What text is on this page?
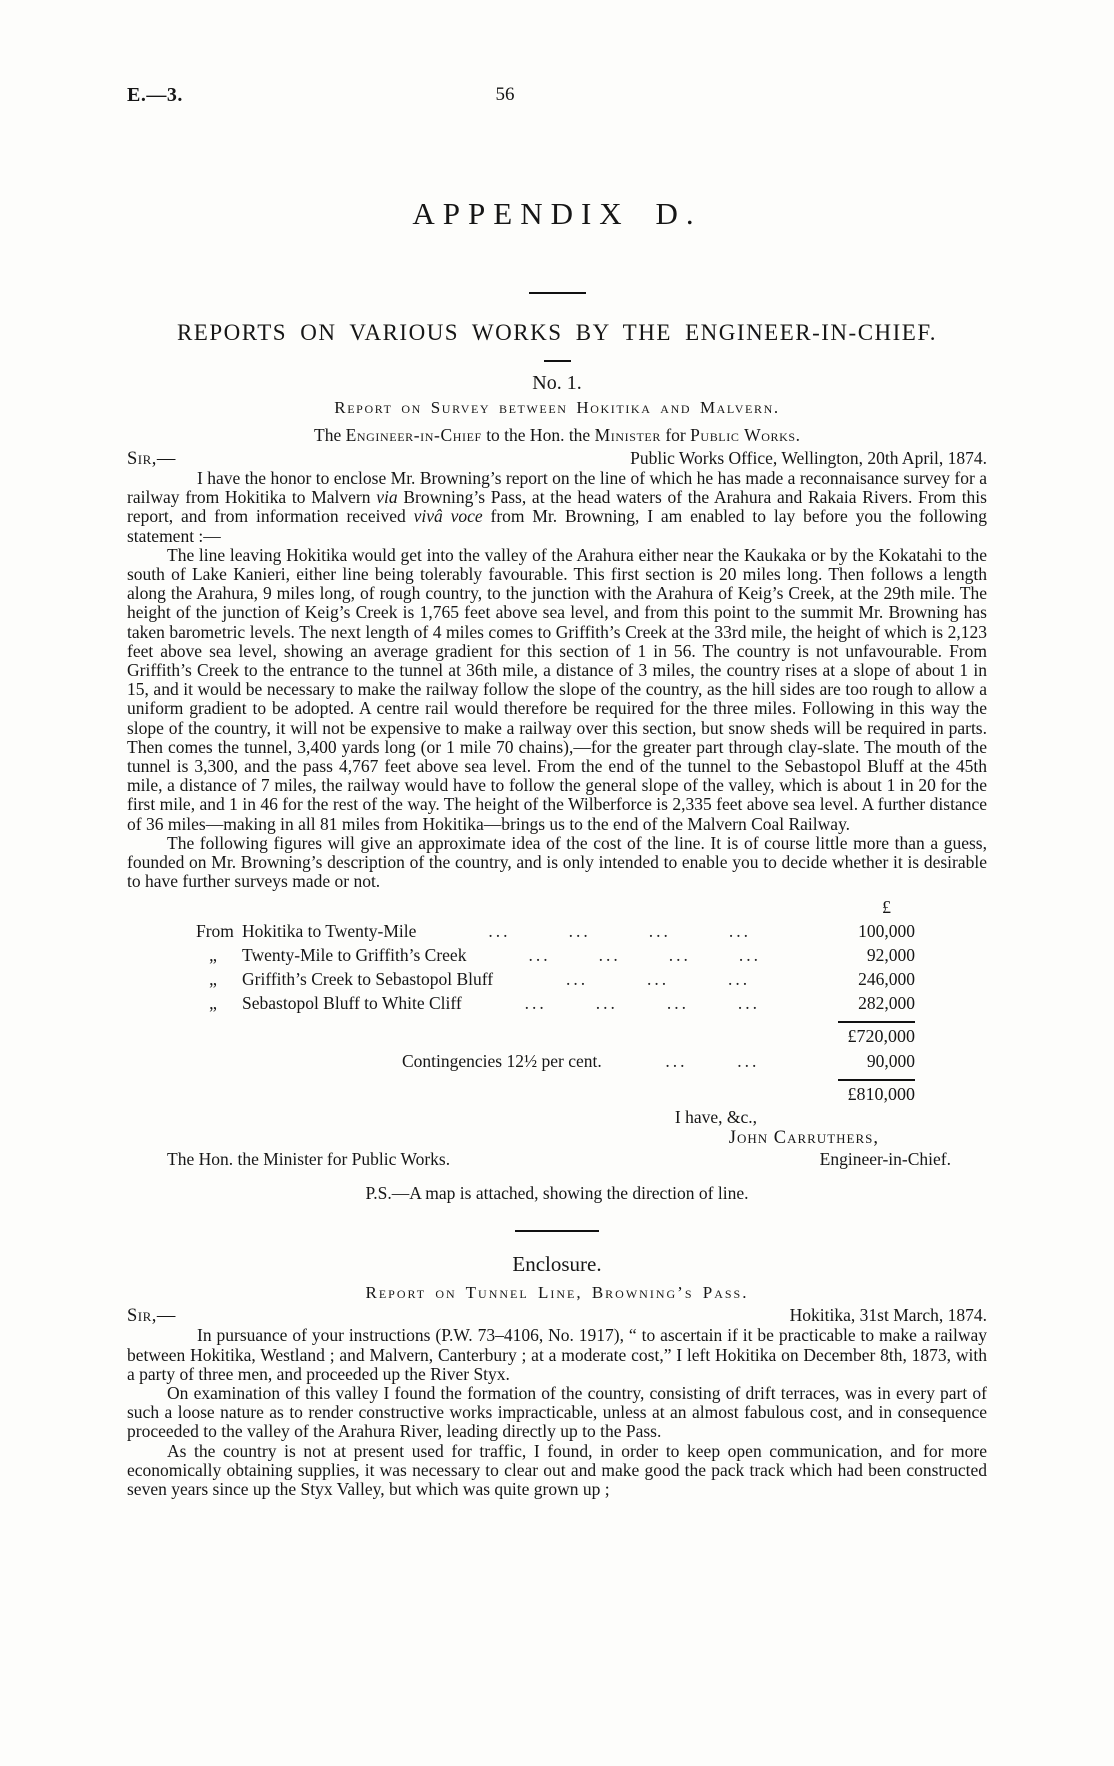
E.—3.	56
APPENDIX D.
REPORTS ON VARIOUS WORKS BY THE ENGINEER-IN-CHIEF.
No. 1.
Report on Survey between Hokitika and Malvern.
The Engineer-in-Chief to the Hon. the Minister for Public Works.
Sir,—	Public Works Office, Wellington, 20th April, 1874.

I have the honor to enclose Mr. Browning’s report on the line of which he has made a reconnaisance survey for a railway from Hokitika to Malvern via Browning’s Pass, at the head waters of the Arahura and Rakaia Rivers. From this report, and from information received vivâ voce from Mr. Browning, I am enabled to lay before you the following statement :—

The line leaving Hokitika would get into the valley of the Arahura either near the Kaukaka or by the Kokatahi to the south of Lake Kanieri, either line being tolerably favourable. This first section is 20 miles long. Then follows a length along the Arahura, 9 miles long, of rough country, to the junction with the Arahura of Keig’s Creek, at the 29th mile. The height of the junction of Keig’s Creek is 1,765 feet above sea level, and from this point to the summit Mr. Browning has taken barometric levels. The next length of 4 miles comes to Griffith’s Creek at the 33rd mile, the height of which is 2,123 feet above sea level, showing an average gradient for this section of 1 in 56. The country is not unfavourable. From Griffith’s Creek to the entrance to the tunnel at 36th mile, a distance of 3 miles, the country rises at a slope of about 1 in 15, and it would be necessary to make the railway follow the slope of the country, as the hill sides are too rough to allow a uniform gradient to be adopted. A centre rail would therefore be required for the three miles. Following in this way the slope of the country, it will not be expensive to make a railway over this section, but snow sheds will be required in parts. Then comes the tunnel, 3,400 yards long (or 1 mile 70 chains),—for the greater part through clay-slate. The mouth of the tunnel is 3,300, and the pass 4,767 feet above sea level. From the end of the tunnel to the Sebastopol Bluff at the 45th mile, a distance of 7 miles, the railway would have to follow the general slope of the valley, which is about 1 in 20 for the first mile, and 1 in 46 for the rest of the way. The height of the Wilberforce is 2,335 feet above sea level. A further distance of 36 miles—making in all 81 miles from Hokitika—brings us to the end of the Malvern Coal Railway.

The following figures will give an approximate idea of the cost of the line. It is of course little more than a guess, founded on Mr. Browning’s description of the country, and is only intended to enable you to decide whether it is desirable to have further surveys made or not.

£
From Hokitika to Twenty-Mile	...	...	...	...	100,000
„	Twenty-Mile to Griffith’s Creek	...	...	...	...	92,000
„	Griffith’s Creek to Sebastopol Bluff	...	...	...	246,000
„	Sebastopol Bluff to White Cliff	...	...	...	...	282,000
£720,000
Contingencies 12½ per cent.	...	...	90,000
£810,000
I have, &c.,
John Carruthers,
The Hon. the Minister for Public Works.	Engineer-in-Chief.
P.S.—A map is attached, showing the direction of line.
Enclosure.
Report on Tunnel Line, Browning’s Pass.
Sir,—	Hokitika, 31st March, 1874.

In pursuance of your instructions (P.W. 73–4106, No. 1917), “ to ascertain if it be practicable to make a railway between Hokitika, Westland ; and Malvern, Canterbury ; at a moderate cost,” I left Hokitika on December 8th, 1873, with a party of three men, and proceeded up the River Styx.

On examination of this valley I found the formation of the country, consisting of drift terraces, was in every part of such a loose nature as to render constructive works impracticable, unless at an almost fabulous cost, and in consequence proceeded to the valley of the Arahura River, leading directly up to the Pass.

As the country is not at present used for traffic, I found, in order to keep open communication, and for more economically obtaining supplies, it was necessary to clear out and make good the pack track which had been constructed seven years since up the Styx Valley, but which was quite grown up ;
